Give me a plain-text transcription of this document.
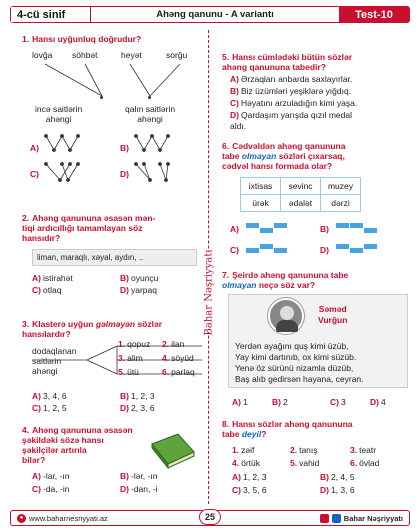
4-cü sinif	Ahəng qanunu - A variantı	Test-10
Bahar Nəşriyyatı
1. Hansı uyğunluq doğrudur?
lovğa söhbət	heyət	sorğu
incə saitlərin
ahəngi
qalın saitlərin
ahəngi
A)	B)
C)	D)
2. Ahəng qanununa əsasən mən-
tiqi ardıcıllığı tamamlayan söz
hansıdır?
liman, maraqlı, xəyal, aydın, ..
A) istirahət	B) oyunçu
C) otlaq	D) yarpaq
3. Klasterə uyğun gəlməyən sözlər
hansılardır?
dodaqlanan
saitlərin
ahəngi
1. qopuz 2. ilan
3. alim 4. söyüd
5. ütü	6. parlaq
A) 3, 4, 6	B) 1, 2, 3
C) 1, 2, 5	D) 2, 3, 6
4. Ahəng qanununa əsasən
şəkildəki sözə hansı
şəkilçilər artırıla
bilər?
A) -lar, -ın	B) -lər, -ın
C) -da, -in	D) -dan, -i
5. Hansı cümlədəki bütün sözlər
ahəng qanununa tabedir?
A) Ərzaqları anbarda saxlayırlar.
B) Biz üzümləri yeşiklərə yığdıq.
C) Həyatını arzuladığın kimi yaşa.
D) Qardaşım yarışda qızıl medal
aldı.
6. Cədvəldən ahəng qanununa
tabe olmayan sözləri çıxarsaq,
cədvəl hansı formada olar?
ixtisas	sevinc	muzey
ürək	ədalət	dərzi
A)	B)
C)	D)
7. Şeirdə ahəng qanununa tabe
olmayan neçə söz var?
Yerdən ayağını quş kimi üzüb,
Yay kimi dartınıb, ox kimi süzüb.
Yenə öz sürünü nizamla düzüb,
Baş alıb gedirsən hayana, ceyran.
Səməd
Vurğun
A) 1	B) 2	C) 3	D) 4
8. Hansı sözlər ahəng qanununa
tabe deyil?
1. zəif	2. tanış	3. teatr
4. örtük	5. vahid	6. övlad
A) 1, 2, 3	B) 2, 4, 5
C) 3, 5, 6	D) 1, 3, 6
● www.baharnesriyyati.az	Bahar Nəşriyyatı
25
